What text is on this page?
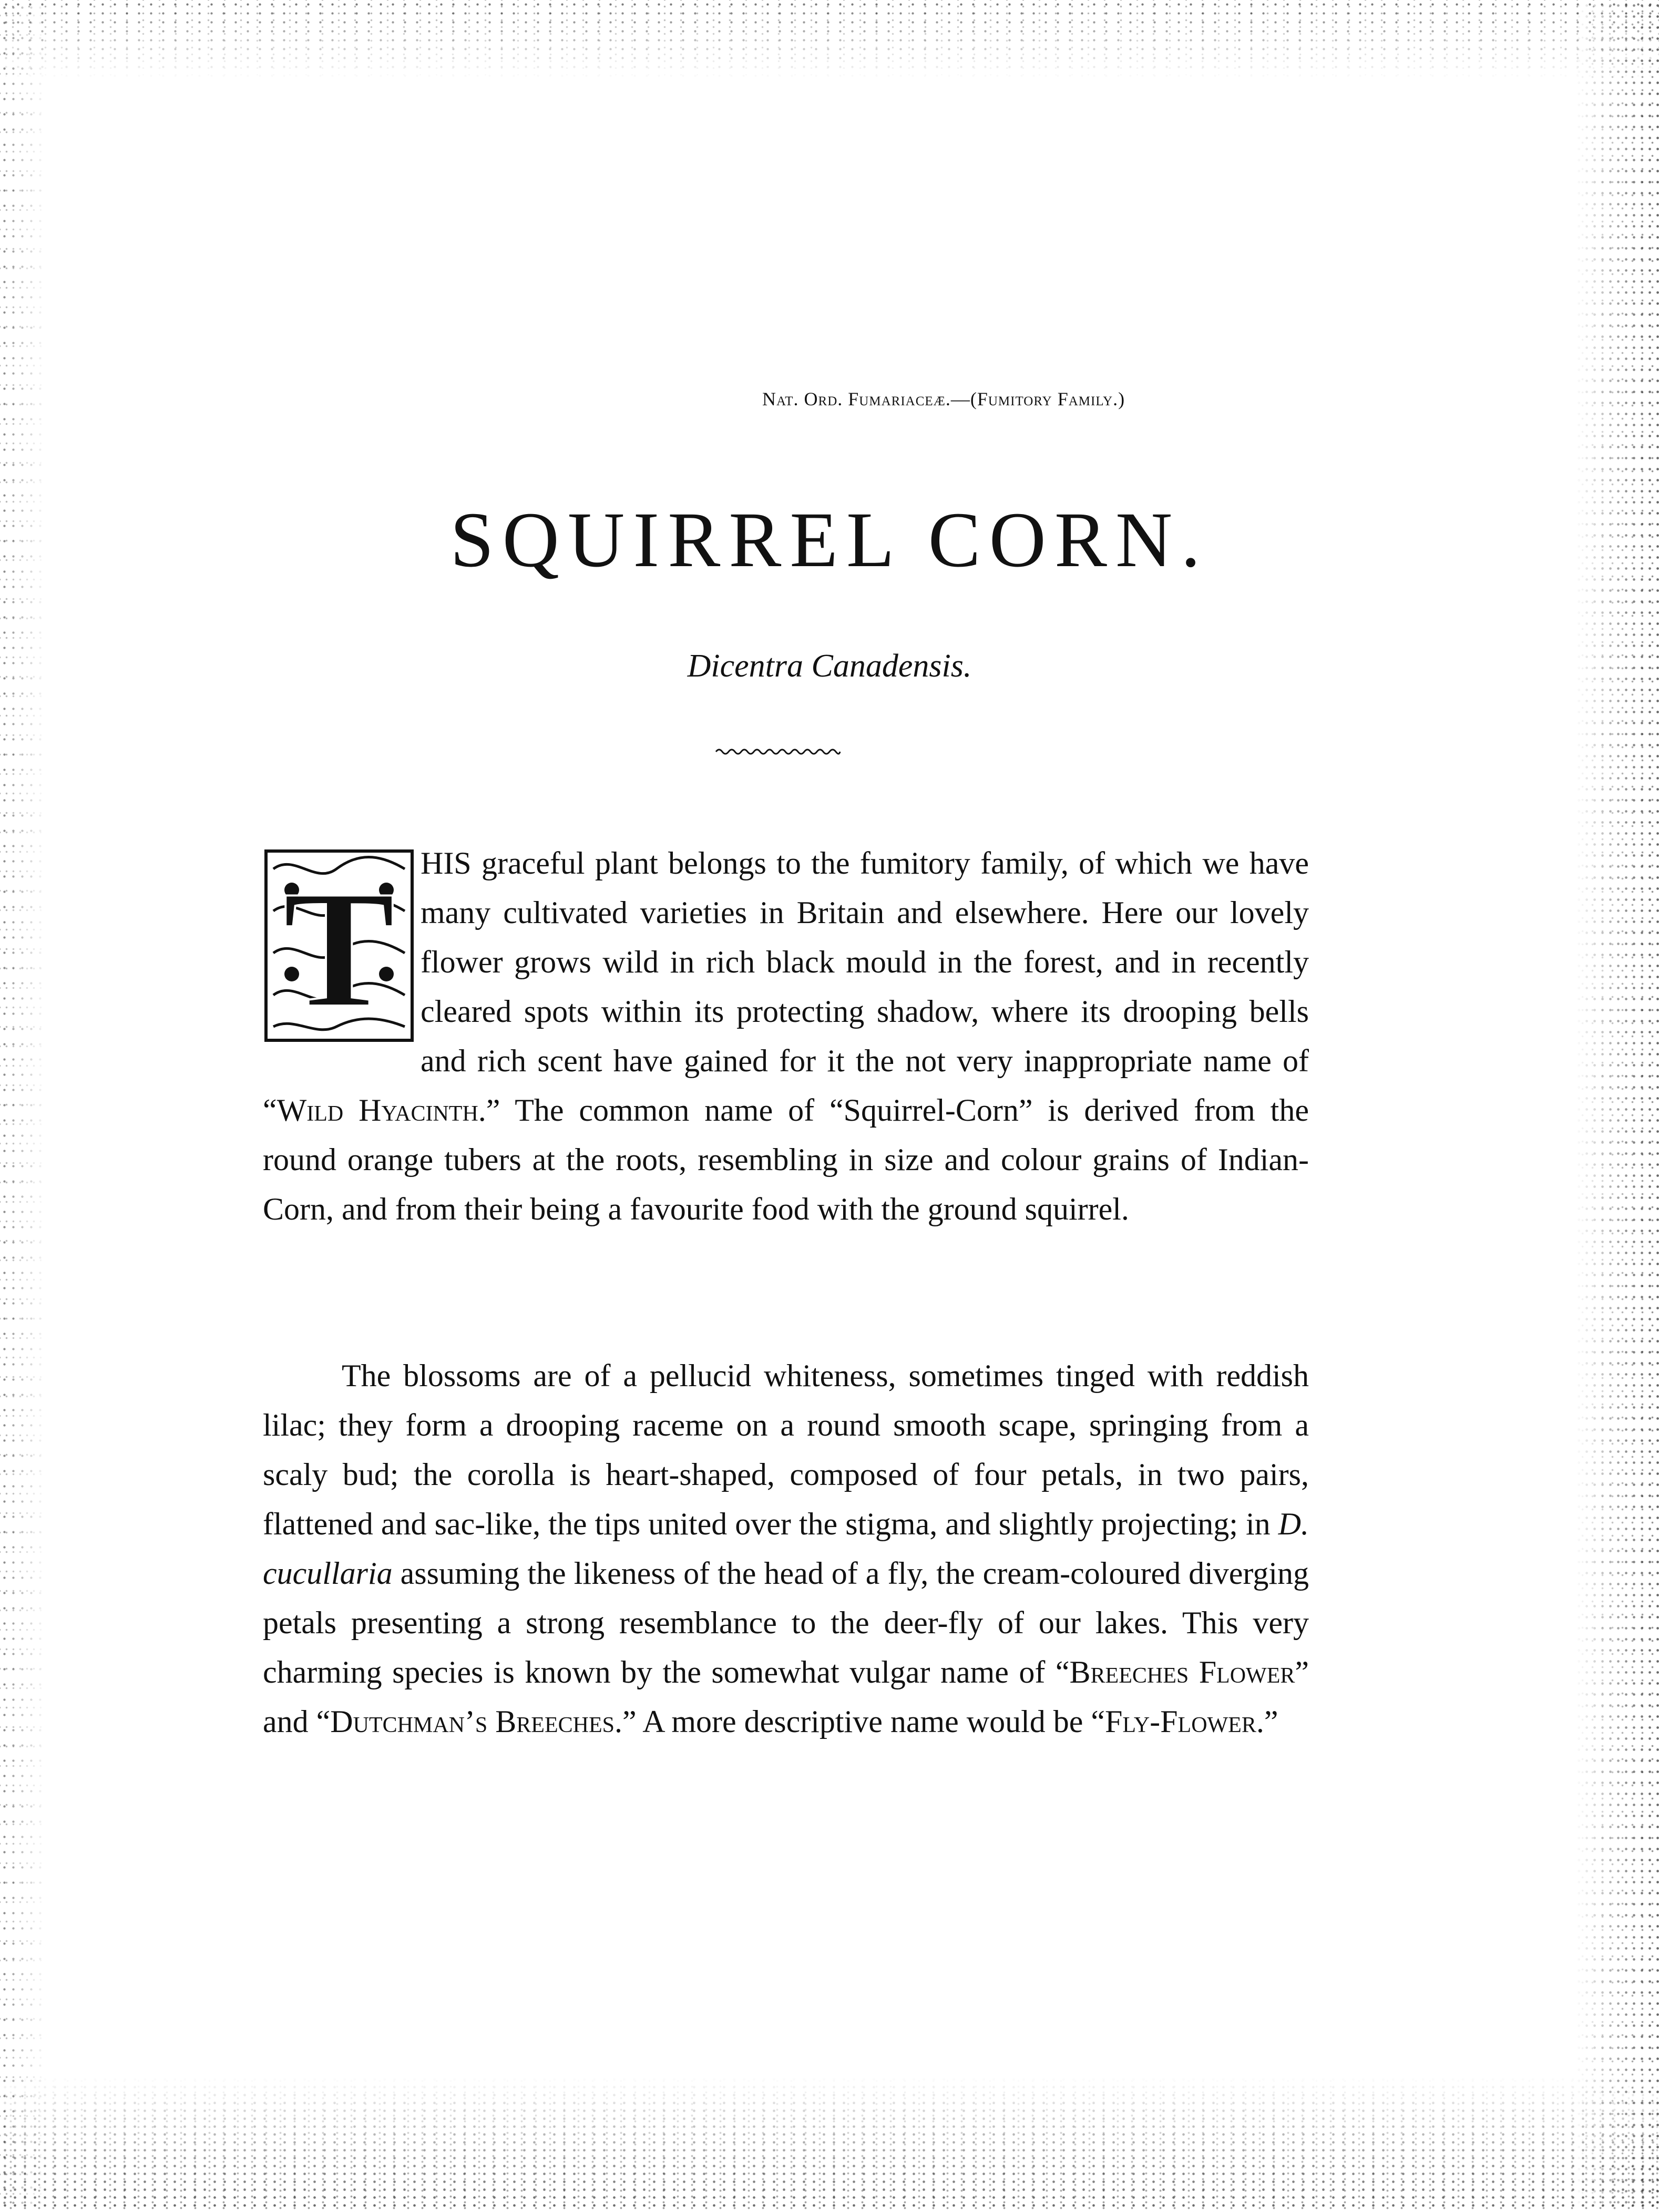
Nat. Ord. Fumariaceæ.—(Fumitory Family.)
SQUIRREL CORN.
Dicentra Canadensis.
T HIS graceful plant belongs to the fumitory family, of which we have many cultivated varieties in Britain and elsewhere. Here our lovely flower grows wild in rich black mould in the forest, and in recently cleared spots within its protecting shadow, where its drooping bells and rich scent have gained for it the not very inappropriate name of “Wild Hyacinth.” The common name of “Squirrel-Corn” is derived from the round orange tubers at the roots, resembling in size and colour grains of Indian-Corn, and from their being a favourite food with the ground squirrel.
The blossoms are of a pellucid whiteness, sometimes tinged with reddish lilac; they form a drooping raceme on a round smooth scape, springing from a scaly bud; the corolla is heart-shaped, composed of four petals, in two pairs, flattened and sac-like, the tips united over the stigma, and slightly projecting; in D. cucullaria assuming the likeness of the head of a fly, the cream-coloured diverging petals presenting a strong resemblance to the deer-fly of our lakes. This very charming species is known by the somewhat vulgar name of “Breeches Flower” and “Dutchman’s Breeches.” A more descriptive name would be “Fly-Flower.”
